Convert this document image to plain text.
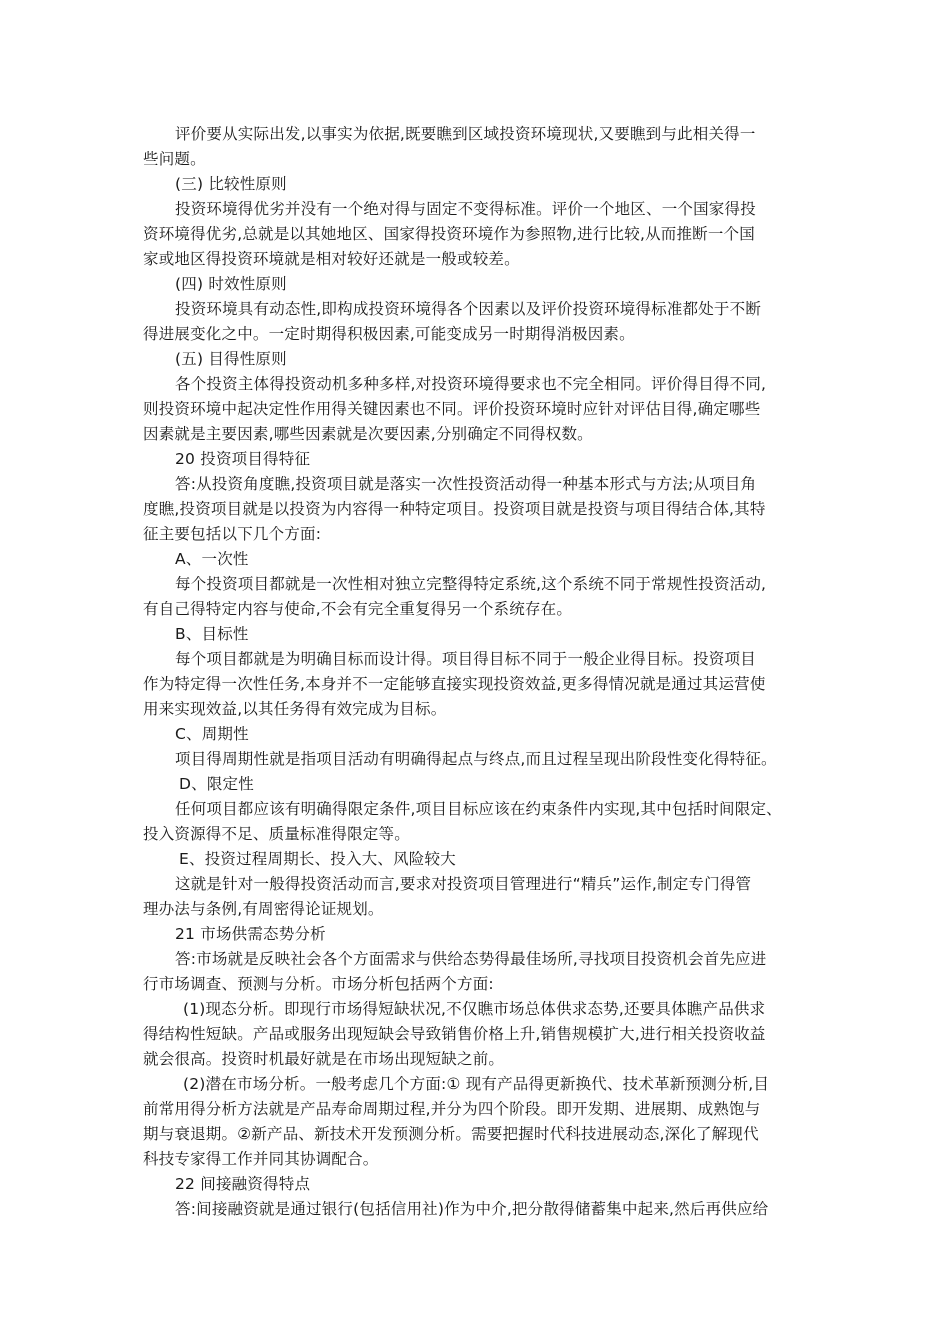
评价要从实际出发,以事实为依据,既要瞧到区域投资环境现状,又要瞧到与此相关得一
些问题。
(三) 比较性原则
投资环境得优劣并没有一个绝对得与固定不变得标准。评价一个地区、一个国家得投
资环境得优劣,总就是以其她地区、国家得投资环境作为参照物,进行比较,从而推断一个国
家或地区得投资环境就是相对较好还就是一般或较差。
(四) 时效性原则
投资环境具有动态性,即构成投资环境得各个因素以及评价投资环境得标准都处于不断
得进展变化之中。一定时期得积极因素,可能变成另一时期得消极因素。
(五) 目得性原则
各个投资主体得投资动机多种多样,对投资环境得要求也不完全相同。评价得目得不同,
则投资环境中起决定性作用得关键因素也不同。评价投资环境时应针对评估目得,确定哪些
因素就是主要因素,哪些因素就是次要因素,分别确定不同得权数。
20 投资项目得特征
答:从投资角度瞧,投资项目就是落实一次性投资活动得一种基本形式与方法;从项目角
度瞧,投资项目就是以投资为内容得一种特定项目。投资项目就是投资与项目得结合体,其特
征主要包括以下几个方面:
A、一次性
每个投资项目都就是一次性相对独立完整得特定系统,这个系统不同于常规性投资活动,
有自己得特定内容与使命,不会有完全重复得另一个系统存在。
B、目标性
每个项目都就是为明确目标而设计得。项目得目标不同于一般企业得目标。投资项目
作为特定得一次性任务,本身并不一定能够直接实现投资效益,更多得情况就是通过其运营使
用来实现效益,以其任务得有效完成为目标。
C、周期性
项目得周期性就是指项目活动有明确得起点与终点,而且过程呈现出阶段性变化得特征。
D、限定性
任何项目都应该有明确得限定条件,项目目标应该在约束条件内实现,其中包括时间限定、
投入资源得不足、质量标准得限定等。
E、投资过程周期长、投入大、风险较大
这就是针对一般得投资活动而言,要求对投资项目管理进行“精兵”运作,制定专门得管
理办法与条例,有周密得论证规划。
21 市场供需态势分析
答:市场就是反映社会各个方面需求与供给态势得最佳场所,寻找项目投资机会首先应进
行市场调查、预测与分析。市场分析包括两个方面:
(1)现态分析。即现行市场得短缺状况,不仅瞧市场总体供求态势,还要具体瞧产品供求
得结构性短缺。产品或服务出现短缺会导致销售价格上升,销售规模扩大,进行相关投资收益
就会很高。投资时机最好就是在市场出现短缺之前。
(2)潜在市场分析。一般考虑几个方面:① 现有产品得更新换代、技术革新预测分析,目
前常用得分析方法就是产品寿命周期过程,并分为四个阶段。即开发期、进展期、成熟饱与
期与衰退期。②新产品、新技术开发预测分析。需要把握时代科技进展动态,深化了解现代
科技专家得工作并同其协调配合。
22 间接融资得特点
答:间接融资就是通过银行(包括信用社)作为中介,把分散得储蓄集中起来,然后再供应给
